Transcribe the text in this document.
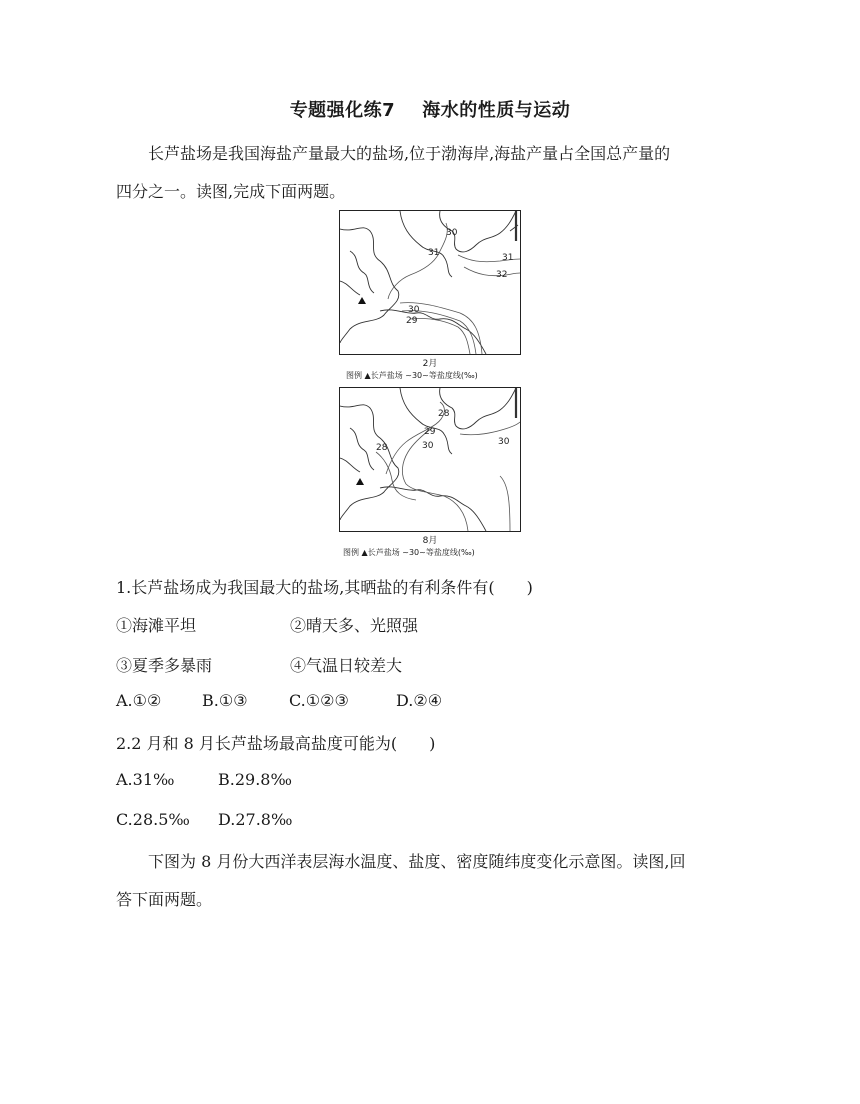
专题强化练7 海水的性质与运动
长芦盐场是我国海盐产量最大的盐场,位于渤海岸,海盐产量占全国总产量的
四分之一。读图,完成下面两题。
30
31	31
32
30
29
2月
图例 ▲长芦盐场 ~30~等盐度线(‰)
28
29
30
28
30
8月
图例 ▲长芦盐场 ~30~等盐度线(‰)
1.长芦盐场成为我国最大的盐场,其晒盐的有利条件有(　　)
①海滩平坦	②晴天多、光照强
③夏季多暴雨	④气温日较差大
A.①②	B.①③	C.①②③	D.②④
2.2 月和 8 月长芦盐场最高盐度可能为(　　)
A.31‰	B.29.8‰
C.28.5‰ D.27.8‰
下图为 8 月份大西洋表层海水温度、盐度、密度随纬度变化示意图。读图,回
答下面两题。
